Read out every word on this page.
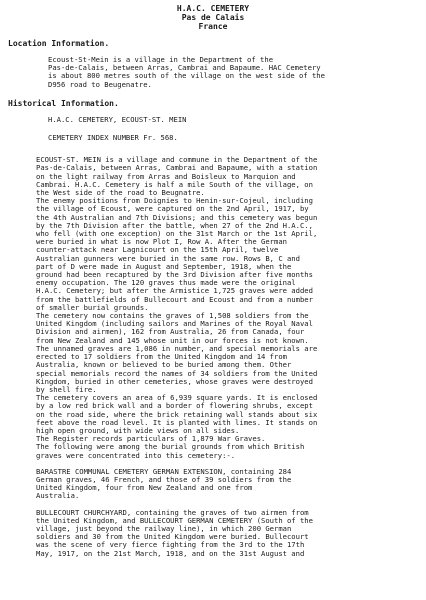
H.A.C. CEMETERY
Pas de Calais
France
Location Information.
Ecoust-St-Mein is a village in the Department of the
Pas-de-Calais, between Arras, Cambrai and Bapaume. HAC Cemetery
is about 800 metres south of the village on the west side of the
D956 road to Beugenatre.
Historical Information.
H.A.C. CEMETERY, ECOUST-ST. MEIN
CEMETERY INDEX NUMBER Fr. 568.
ECOUST-ST. MEIN is a village and commune in the Department of the
Pas-de-Calais, between Arras, Cambrai and Bapaume, with a station
on the light railway from Arras and Boisleux to Marquion and
Cambrai. H.A.C. Cemetery is half a mile South of the village, on
the West side of the road to Beugnatre.
The enemy positions from Doignies to Henin-sur-Cojeul, including
the village of Ecoust, were captured on the 2nd April, 1917, by
the 4th Australian and 7th Divisions; and this cemetery was begun
by the 7th Division after the battle, when 27 of the 2nd H.A.C.,
who fell (with one exception) on the 31st March or the 1st April,
were buried in what is now Plot I, Row A. After the German
counter-attack near Lagnicourt on the 15th April, twelve
Australian gunners were buried in the same row. Rows B, C and
part of D were made in August and September, 1918, when the
ground had been recaptured by the 3rd Division after five months
enemy occupation. The 120 graves thus made were the original
H.A.C. Cemetery; but after the Armistice 1,725 graves were added
from the battlefields of Bullecourt and Ecoust and from a number
of smaller burial grounds.
The cemetery now contains the graves of 1,508 soldiers from the
United Kingdom (including sailors and Marines of the Royal Naval
Division and airmen), 162 from Australia, 26 from Canada, four
from New Zealand and 145 whose unit in our forces is not known.
The unnamed graves are 1,086 in number, and special memorials are
erected to 17 soldiers from the United Kingdom and 14 from
Australia, known or believed to be buried among them. Other
special memorials record the names of 34 soldiers from the United
Kingdom, buried in other cemeteries, whose graves were destroyed
by shell fire.
The cemetery covers an area of 6,939 square yards. It is enclosed
by a low red brick wall and a border of flowering shrubs, except
on the road side, where the brick retaining wall stands about six
feet above the road level. It is planted with limes. It stands on
high open ground, with wide views on all sides.
The Register records particulars of 1,879 War Graves.
The following were among the burial grounds from which British
graves were concentrated into this cemetery:-.
BARASTRE COMMUNAL CEMETERY GERMAN EXTENSION, containing 284
German graves, 46 French, and those of 39 soldiers from the
United Kingdom, four from New Zealand and one from
Australia.
BULLECOURT CHURCHYARD, containing the graves of two airmen from
the United Kingdom, and BULLECOURT GERMAN CEMETERY (South of the
village, just beyond the railway line), in which 200 German
soldiers and 30 from the United Kingdom were buried. Bullecourt
was the scene of very fierce fighting from the 3rd to the 17th
May, 1917, on the 21st March, 1918, and on the 31st August and
